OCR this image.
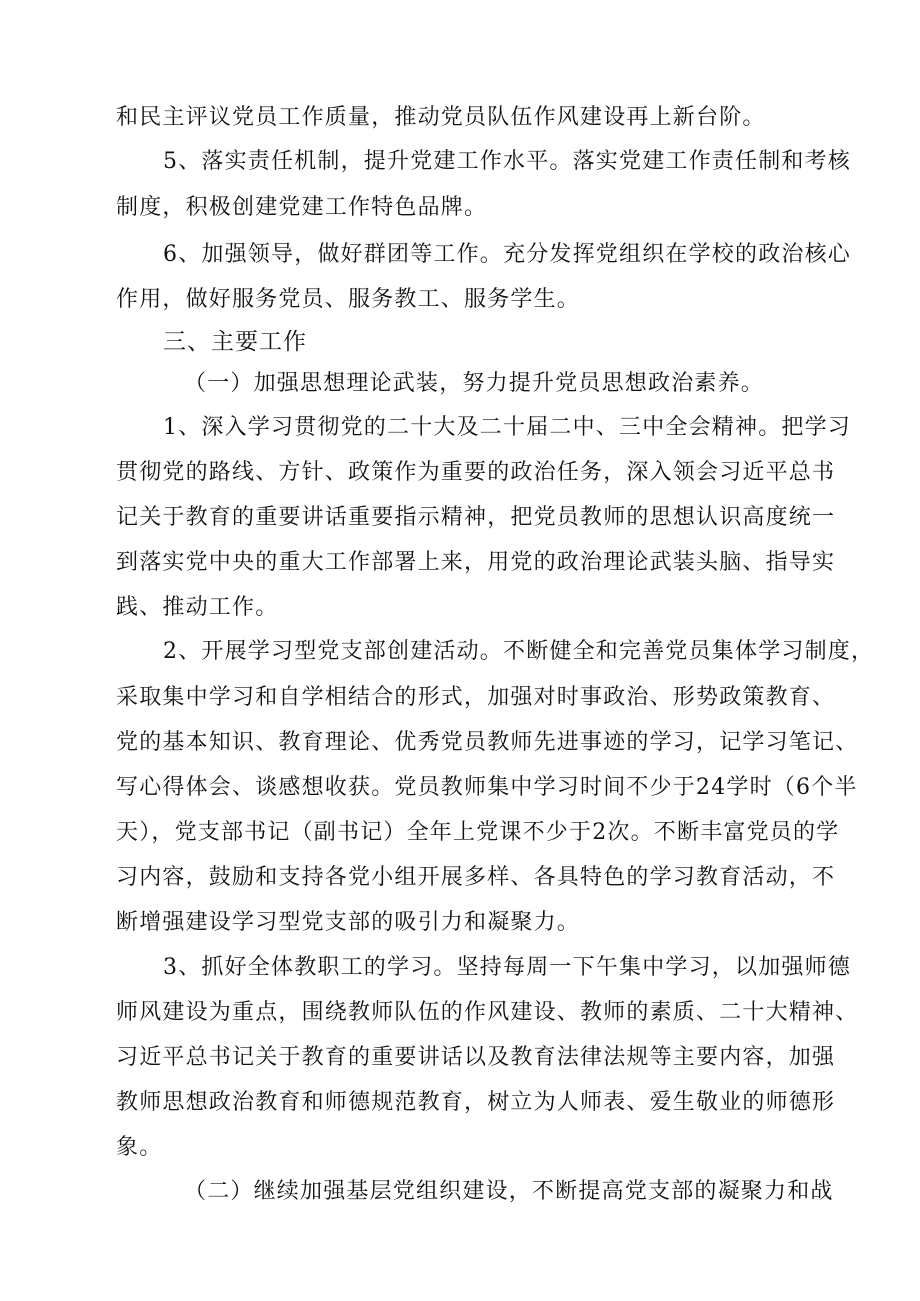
和民主评议党员工作质量，推动党员队伍作风建设再上新台阶。
5、落实责任机制，提升党建工作水平。落实党建工作责任制和考核
制度，积极创建党建工作特色品牌。
6、加强领导，做好群团等工作。充分发挥党组织在学校的政治核心
作用，做好服务党员、服务教工、服务学生。
三、主要工作
（一）加强思想理论武装，努力提升党员思想政治素养。
1、深入学习贯彻党的二十大及二十届二中、三中全会精神。把学习
贯彻党的路线、方针、政策作为重要的政治任务，深入领会习近平总书
记关于教育的重要讲话重要指示精神，把党员教师的思想认识高度统一
到落实党中央的重大工作部署上来，用党的政治理论武装头脑、指导实
践、推动工作。
2、开展学习型党支部创建活动。不断健全和完善党员集体学习制度，
采取集中学习和自学相结合的形式，加强对时事政治、形势政策教育、
党的基本知识、教育理论、优秀党员教师先进事迹的学习，记学习笔记、
写心得体会、谈感想收获。党员教师集中学习时间不少于24学时（6个半
天），党支部书记（副书记）全年上党课不少于2次。不断丰富党员的学
习内容，鼓励和支持各党小组开展多样、各具特色的学习教育活动，不
断增强建设学习型党支部的吸引力和凝聚力。
3、抓好全体教职工的学习。坚持每周一下午集中学习，以加强师德
师风建设为重点，围绕教师队伍的作风建设、教师的素质、二十大精神、
习近平总书记关于教育的重要讲话以及教育法律法规等主要内容，加强
教师思想政治教育和师德规范教育，树立为人师表、爱生敬业的师德形
象。
（二）继续加强基层党组织建设，不断提高党支部的凝聚力和战
